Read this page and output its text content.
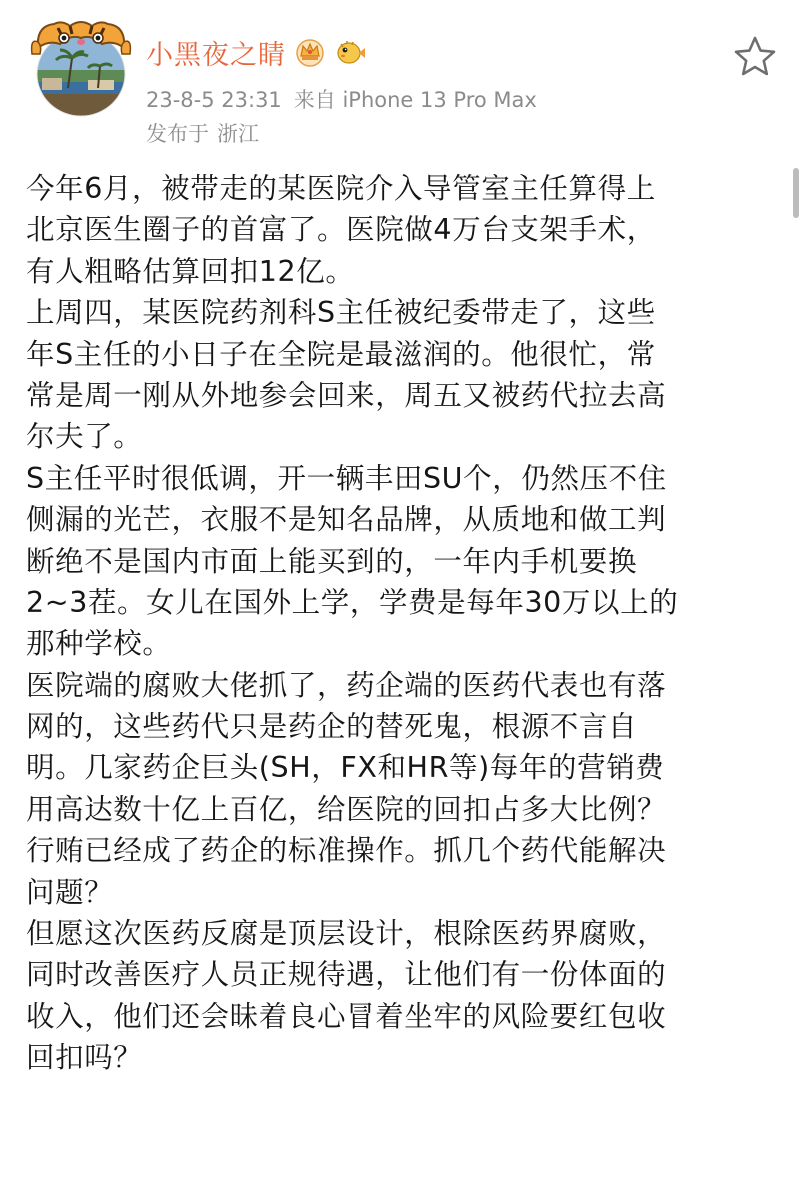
小黑夜之睛
23-8-5 23:31 来自 iPhone 13 Pro Max
发布于 浙江
今年6月，被带走的某医院介入导管室主任算得上
北京医生圈子的首富了。医院做4万台支架手术，
有人粗略估算回扣12亿。
上周四，某医院药剂科S主任被纪委带走了，这些
年S主任的小日子在全院是最滋润的。他很忙，常
常是周一刚从外地参会回来，周五又被药代拉去高
尔夫了。
S主任平时很低调，开一辆丰田SU个，仍然压不住
侧漏的光芒，衣服不是知名品牌，从质地和做工判
断绝不是国内市面上能买到的，一年内手机要换
2~3茬。女儿在国外上学，学费是每年30万以上的
那种学校。
医院端的腐败大佬抓了，药企端的医药代表也有落
网的，这些药代只是药企的替死鬼，根源不言自
明。几家药企巨头(SH，FX和HR等)每年的营销费
用高达数十亿上百亿，给医院的回扣占多大比例？
行贿已经成了药企的标准操作。抓几个药代能解决
问题？
但愿这次医药反腐是顶层设计，根除医药界腐败，
同时改善医疗人员正规待遇，让他们有一份体面的
收入，他们还会昧着良心冒着坐牢的风险要红包收
回扣吗？
